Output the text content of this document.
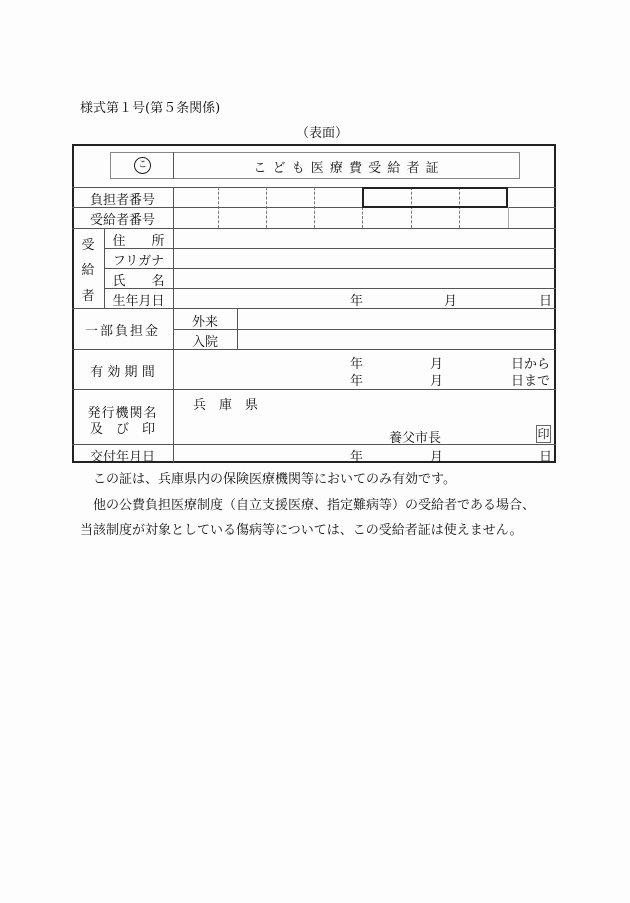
様式第１号(第５条関係)
（表面）
こ	こ ど も 医 療 費 受 給 者 証
負担者番号
受給者番号
受
給
者
住　　所
フリガナ
氏　　名
生年月日	年	月	日
一部負担金
外来
入院
有 効 期 間
年	月	日から
年	月	日まで
発行機関名
及　び　印
兵　庫　県
養父市長	印
交付年月日	年	月	日
この証は、兵庫県内の保険医療機関等においてのみ有効です。
他の公費負担医療制度（自立支援医療、指定難病等）の受給者である場合、
当該制度が対象としている傷病等については、この受給者証は使えません。
